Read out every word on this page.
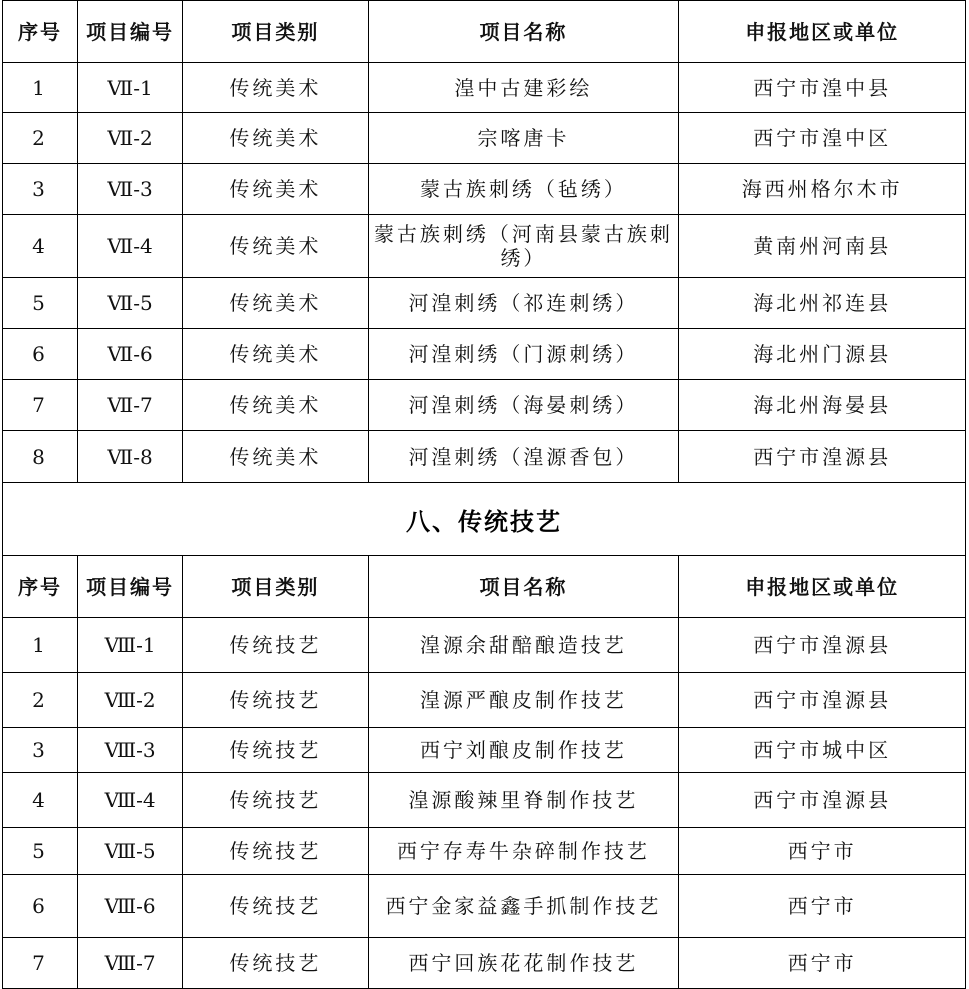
序号	项目编号	项目类别	项目名称	申报地区或单位
1	Ⅶ-1	传统美术	湟中古建彩绘	西宁市湟中县
2	Ⅶ-2	传统美术	宗喀唐卡	西宁市湟中区
3	Ⅶ-3	传统美术	蒙古族刺绣（毡绣）	海西州格尔木市
4	Ⅶ-4	传统美术	蒙古族刺绣（河南县蒙古族刺绣）	黄南州河南县
5	Ⅶ-5	传统美术	河湟刺绣（祁连刺绣）	海北州祁连县
6	Ⅶ-6	传统美术	河湟刺绣（门源刺绣）	海北州门源县
7	Ⅶ-7	传统美术	河湟刺绣（海晏刺绣）	海北州海晏县
8	Ⅶ-8	传统美术	河湟刺绣（湟源香包）	西宁市湟源县
八、传统技艺
序号	项目编号	项目类别	项目名称	申报地区或单位
1	Ⅷ-1	传统技艺	湟源余甜醅酿造技艺	西宁市湟源县
2	Ⅷ-2	传统技艺	湟源严酿皮制作技艺	西宁市湟源县
3	Ⅷ-3	传统技艺	西宁刘酿皮制作技艺	西宁市城中区
4	Ⅷ-4	传统技艺	湟源酸辣里脊制作技艺	西宁市湟源县
5	Ⅷ-5	传统技艺	西宁存寿牛杂碎制作技艺	西宁市
6	Ⅷ-6	传统技艺	西宁金家益鑫手抓制作技艺	西宁市
7	Ⅷ-7	传统技艺	西宁回族花花制作技艺	西宁市
